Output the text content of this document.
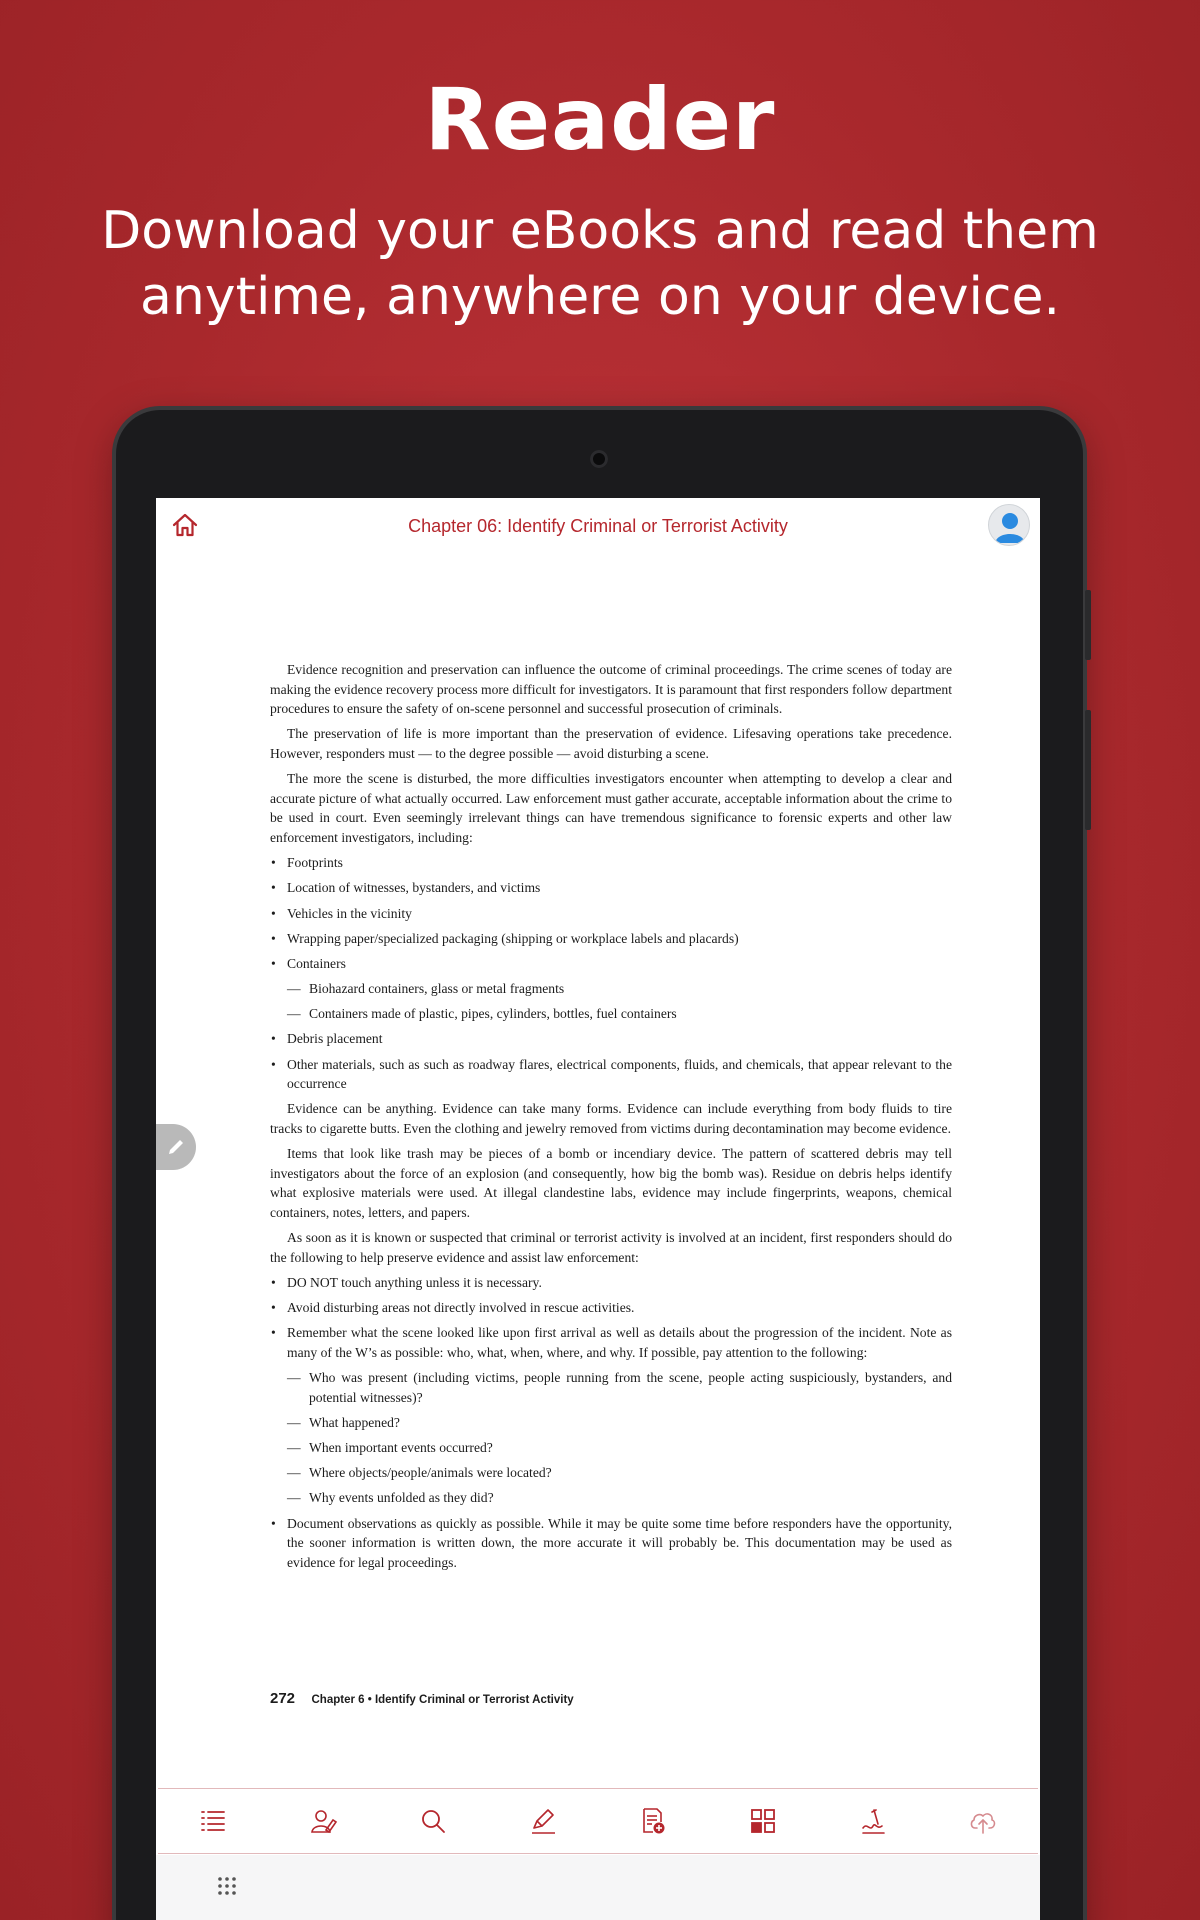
Reader
Download your eBooks and read them anytime, anywhere on your device.
Chapter 06: Identify Criminal or Terrorist Activity

Evidence recognition and preservation can influence the outcome of criminal proceedings. The crime scenes of today are making the evidence recovery process more difficult for investigators. It is paramount that first responders follow department procedures to ensure the safety of on-scene personnel and successful prosecution of criminals.

The preservation of life is more important than the preservation of evidence. Lifesaving operations take precedence. However, responders must — to the degree possible — avoid disturbing a scene.

The more the scene is disturbed, the more difficulties investigators encounter when attempting to develop a clear and accurate picture of what actually occurred. Law enforcement must gather accurate, acceptable information about the crime to be used in court. Even seemingly irrelevant things can have tremendous significance to forensic experts and other law enforcement investigators, including:

• Footprints
• Location of witnesses, bystanders, and victims
• Vehicles in the vicinity
• Wrapping paper/specialized packaging (shipping or workplace labels and placards)
• Containers
— Biohazard containers, glass or metal fragments
— Containers made of plastic, pipes, cylinders, bottles, fuel containers
• Debris placement
• Other materials, such as such as roadway flares, electrical components, fluids, and chemicals, that appear relevant to the occurrence

Evidence can be anything. Evidence can take many forms. Evidence can include everything from body fluids to tire tracks to cigarette butts. Even the clothing and jewelry removed from victims during decontamination may become evidence.

Items that look like trash may be pieces of a bomb or incendiary device. The pattern of scattered debris may tell investigators about the force of an explosion (and consequently, how big the bomb was). Residue on debris helps identify what explosive materials were used. At illegal clandestine labs, evidence may include fingerprints, weapons, chemical containers, notes, letters, and papers.

As soon as it is known or suspected that criminal or terrorist activity is involved at an incident, first responders should do the following to help preserve evidence and assist law enforcement:

• DO NOT touch anything unless it is necessary.
• Avoid disturbing areas not directly involved in rescue activities.
• Remember what the scene looked like upon first arrival as well as details about the progression of the incident. Note as many of the W’s as possible: who, what, when, where, and why. If possible, pay attention to the following:
— Who was present (including victims, people running from the scene, people acting suspiciously, bystanders, and potential witnesses)?
— What happened?
— When important events occurred?
— Where objects/people/animals were located?
— Why events unfolded as they did?
• Document observations as quickly as possible. While it may be quite some time before responders have the opportunity, the sooner information is written down, the more accurate it will probably be. This documentation may be used as evidence for legal proceedings.
272 Chapter 6 • Identify Criminal or Terrorist Activity
